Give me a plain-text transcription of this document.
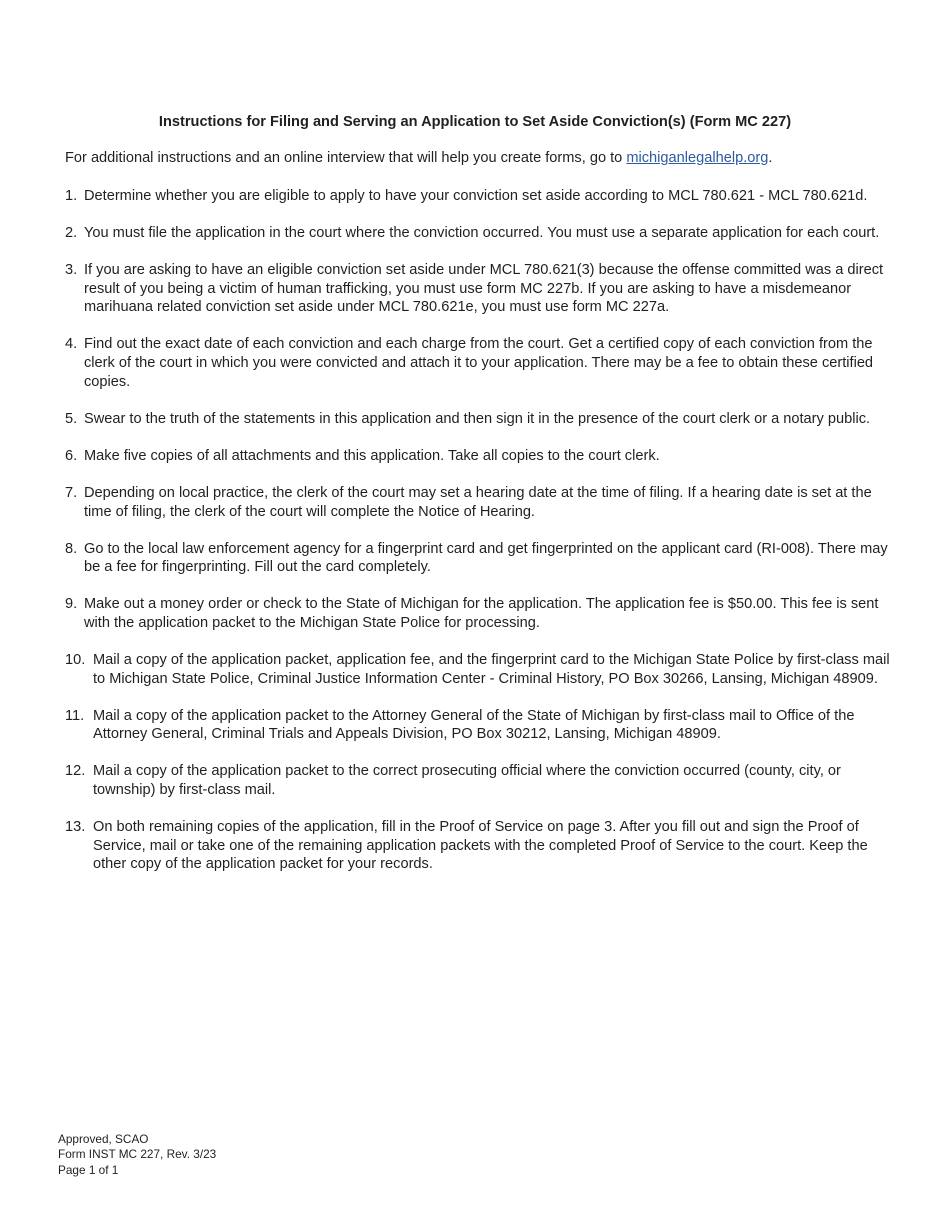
Instructions for Filing and Serving an Application to Set Aside Conviction(s) (Form MC 227)

For additional instructions and an online interview that will help you create forms, go to michiganlegalhelp.org.

1. Determine whether you are eligible to apply to have your conviction set aside according to MCL 780.621 - MCL 780.621d.
2. You must file the application in the court where the conviction occurred. You must use a separate application for each court.
3. If you are asking to have an eligible conviction set aside under MCL 780.621(3) because the offense committed was a direct result of you being a victim of human trafficking, you must use form MC 227b. If you are asking to have a misdemeanor marihuana related conviction set aside under MCL 780.621e, you must use form MC 227a.
4. Find out the exact date of each conviction and each charge from the court. Get a certified copy of each conviction from the clerk of the court in which you were convicted and attach it to your application. There may be a fee to obtain these certified copies.
5. Swear to the truth of the statements in this application and then sign it in the presence of the court clerk or a notary public.
6. Make five copies of all attachments and this application. Take all copies to the court clerk.
7. Depending on local practice, the clerk of the court may set a hearing date at the time of filing. If a hearing date is set at the time of filing, the clerk of the court will complete the Notice of Hearing.
8. Go to the local law enforcement agency for a fingerprint card and get fingerprinted on the applicant card (RI-008). There may be a fee for fingerprinting. Fill out the card completely.
9. Make out a money order or check to the State of Michigan for the application. The application fee is $50.00. This fee is sent with the application packet to the Michigan State Police for processing.
10. Mail a copy of the application packet, application fee, and the fingerprint card to the Michigan State Police by first-class mail to Michigan State Police, Criminal Justice Information Center - Criminal History, PO Box 30266, Lansing, Michigan 48909.
11. Mail a copy of the application packet to the Attorney General of the State of Michigan by first-class mail to Office of the Attorney General, Criminal Trials and Appeals Division, PO Box 30212, Lansing, Michigan 48909.
12. Mail a copy of the application packet to the correct prosecuting official where the conviction occurred (county, city, or township) by first-class mail.
13. On both remaining copies of the application, fill in the Proof of Service on page 3. After you fill out and sign the Proof of Service, mail or take one of the remaining application packets with the completed Proof of Service to the court. Keep the other copy of the application packet for your records.
Approved, SCAO
Form INST MC 227, Rev. 3/23
Page 1 of 1
